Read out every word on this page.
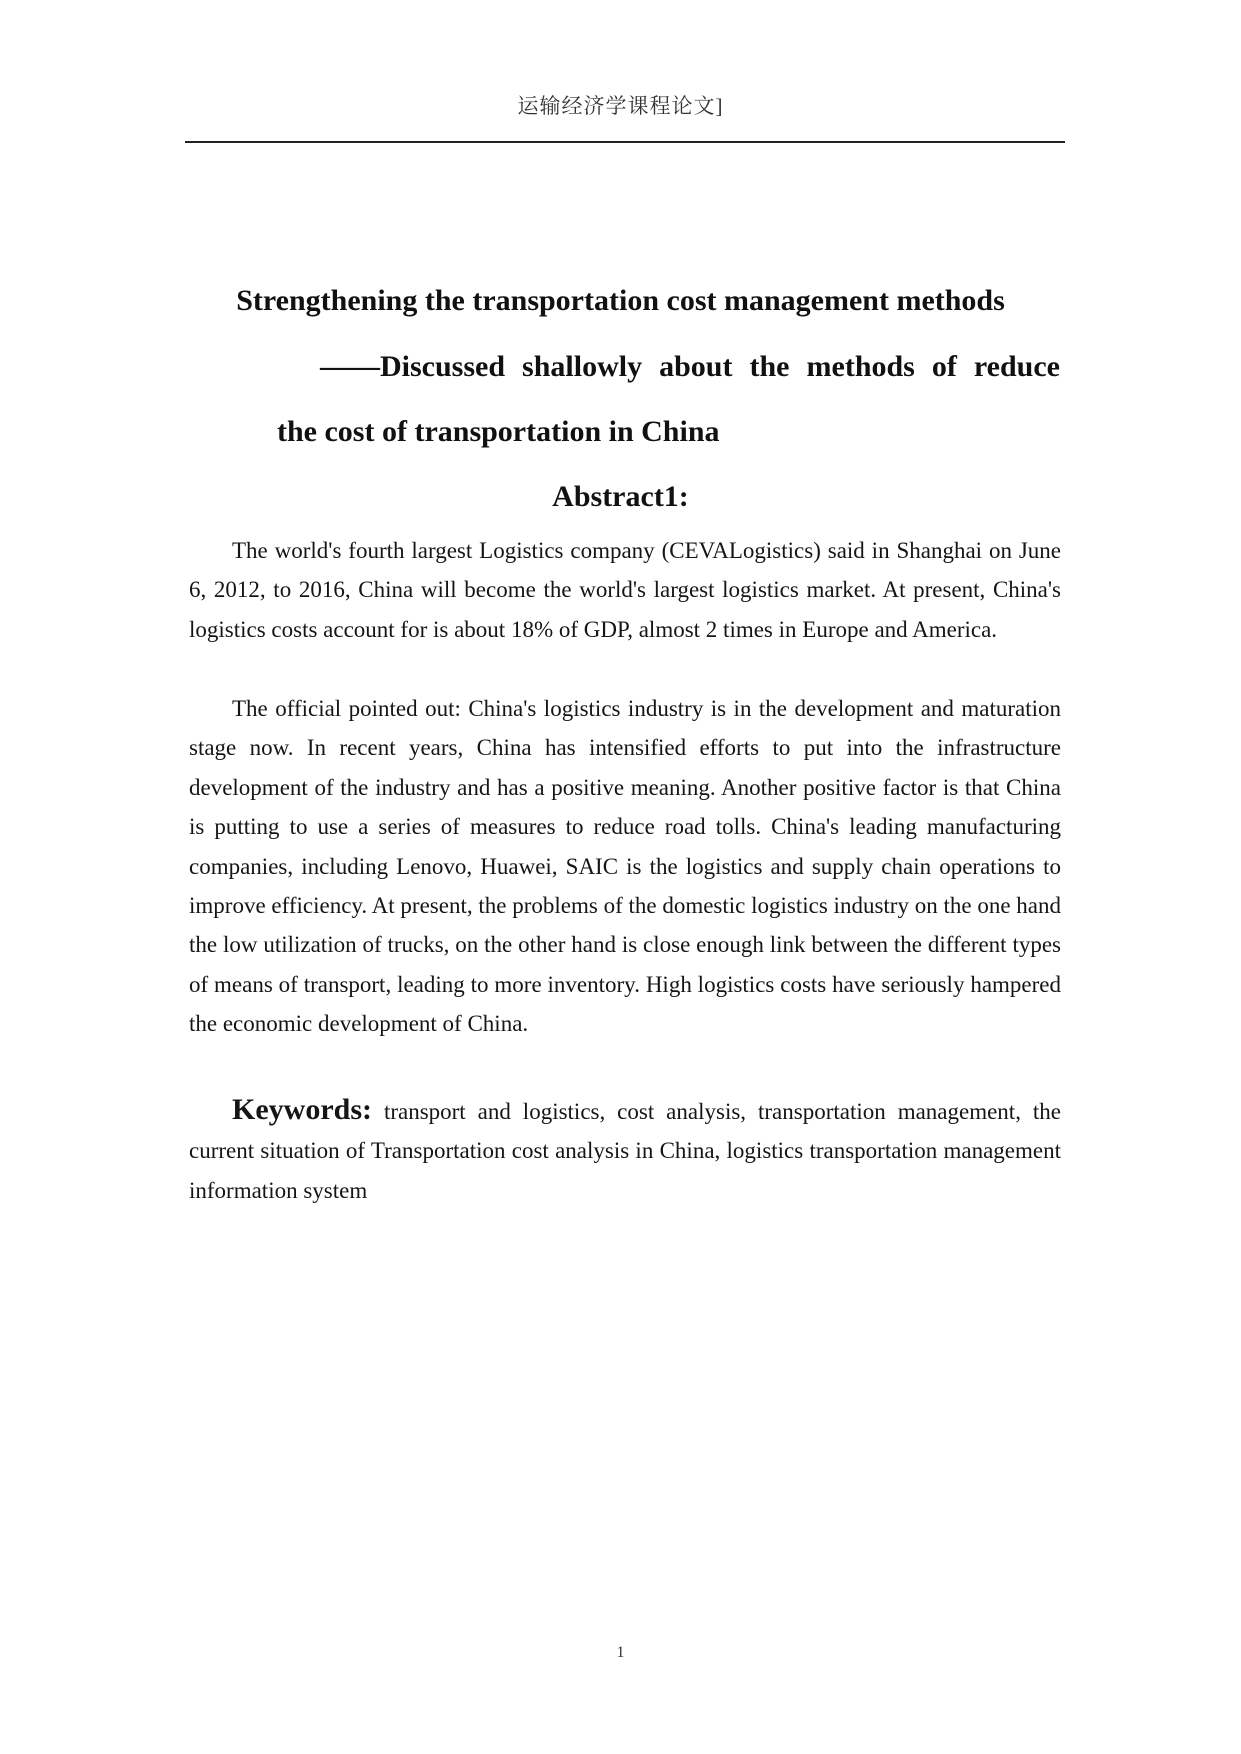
运输经济学课程论文]
Strengthening the transportation cost management methods
——Discussed shallowly about the methods of reduce
the cost of transportation in China
Abstract1:

The world's fourth largest Logistics company (CEVALogistics) said in Shanghai on June 6, 2012, to 2016, China will become the world's largest logistics market. At present, China's logistics costs account for is about 18% of GDP, almost 2 times in Europe and America.

The official pointed out: China's logistics industry is in the development and maturation stage now. In recent years, China has intensified efforts to put into the infrastructure development of the industry and has a positive meaning. Another positive factor is that China is putting to use a series of measures to reduce road tolls. China's leading manufacturing companies, including Lenovo, Huawei, SAIC is the logistics and supply chain operations to improve efficiency. At present, the problems of the domestic logistics industry on the one hand the low utilization of trucks, on the other hand is close enough link between the different types of means of transport, leading to more inventory. High logistics costs have seriously hampered the economic development of China.

Keywords: transport and logistics, cost analysis, transportation management, the current situation of Transportation cost analysis in China, logistics transportation management information system
1
